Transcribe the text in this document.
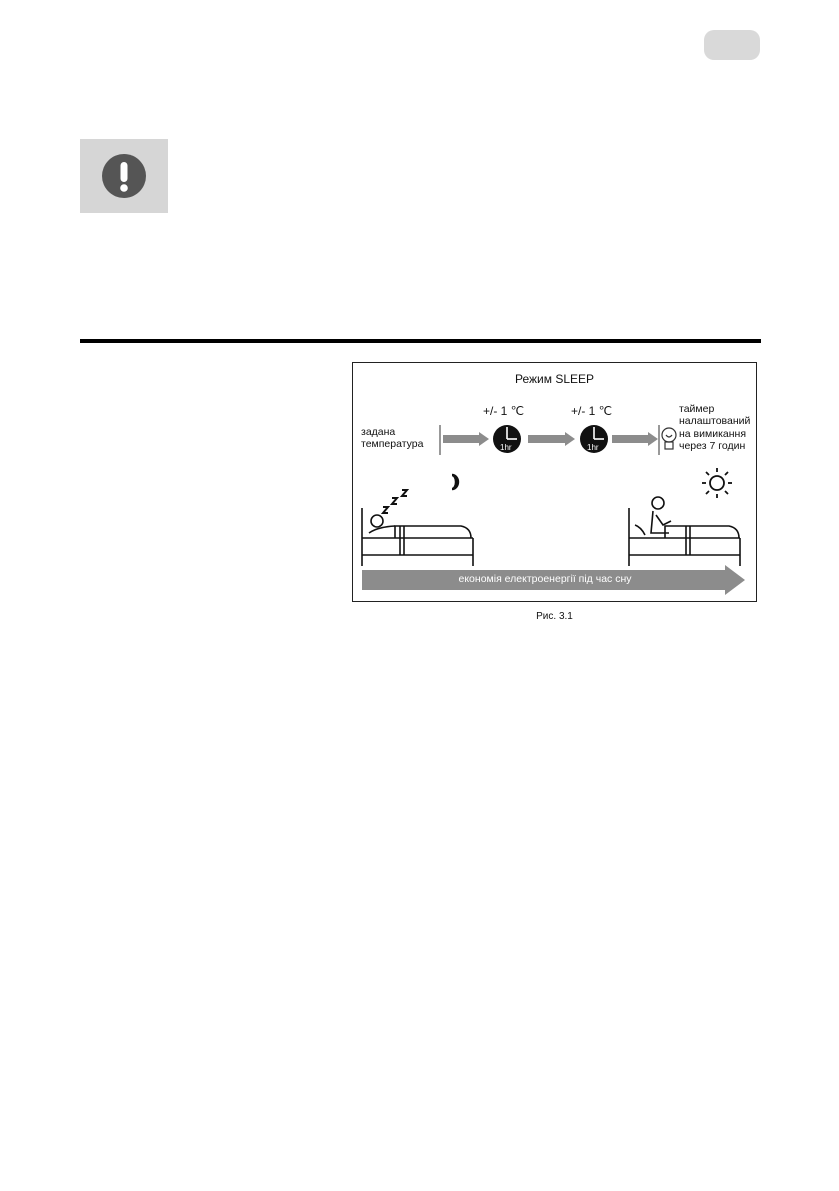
Режим SLEEP
задана
температура
+/- 1 ℃	+/- 1 ℃
1hr	1hr
таймер
налаштований
на вимикання
через 7 годин
економія електроенергії під час сну
Рис. 3.1
